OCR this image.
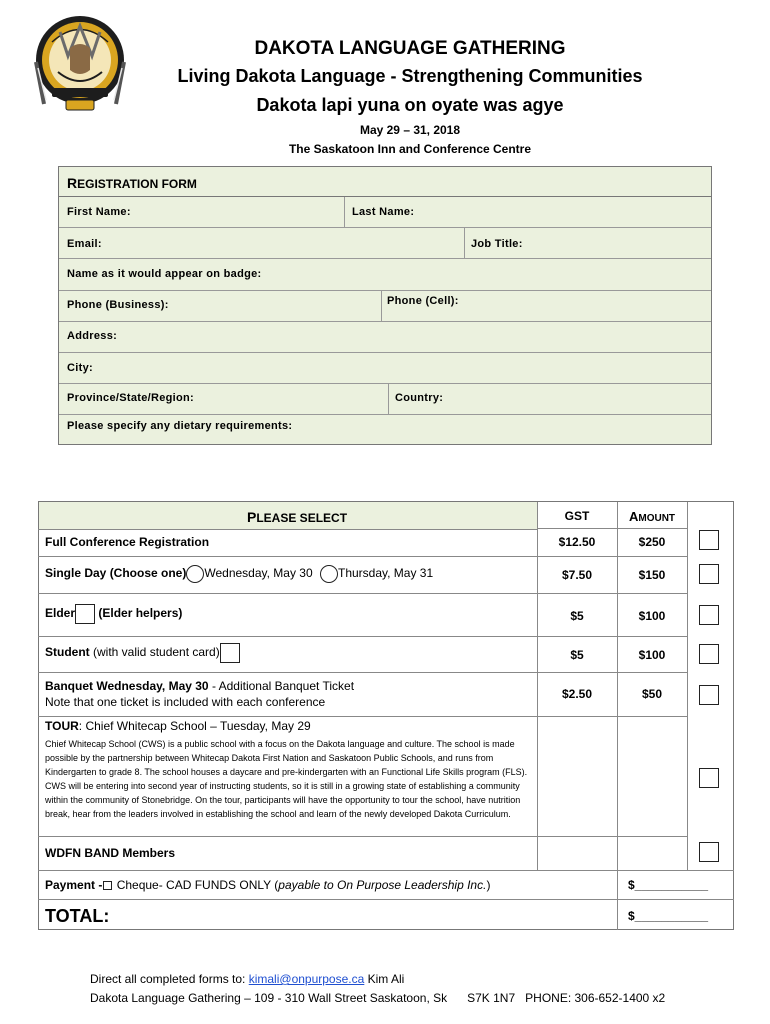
DAKOTA LANGUAGE GATHERING
Living Dakota Language - Strengthening Communities
Dakota lapi yuna on oyate was agye
May 29 – 31, 2018
The Saskatoon Inn and Conference Centre
REGISTRATION FORM
First Name:	Last Name:
Email:	Job Title:
Name as it would appear on badge:
Phone (Business):	Phone (Cell):
Address:
City:
Province/State/Region:	Country:
Please specify any dietary requirements:
PLEASE SELECT	GST	AMOUNT
Full Conference Registration	$12.50	$250
Single Day (Choose one) Wednesday, May 30 Thursday, May 31	$7.50	$150
Elder (Elder helpers)	$5	$100
Student (with valid student card)	$5	$100
Banquet Wednesday, May 30 - Additional Banquet Ticket
Note that one ticket is included with each conference
$2.50	$50
TOUR: Chief Whitecap School – Tuesday, May 29
Chief Whitecap School (CWS) is a public school with a focus on the Dakota language and culture. The school is made possible by the partnership between Whitecap Dakota First Nation and Saskatoon Public Schools, and runs from Kindergarten to grade 8. The school houses a daycare and pre-kindergarten with an Functional Life Skills program (FLS). CWS will be entering into second year of instructing students, so it is still in a growing state of establishing a community within the community of Stonebridge. On the tour, participants will have the opportunity to tour the school, have nutrition break, hear from the leaders involved in establishing the school and learn of the newly developed Dakota Curriculum.
WDFN BAND Members
Payment - Cheque- CAD FUNDS ONLY (payable to On Purpose Leadership Inc.)	$___________
TOTAL:	$___________
Direct all completed forms to: kimali@onpurpose.ca Kim Ali
Dakota Language Gathering – 109 - 310 Wall Street Saskatoon, Sk      S7K 1N7   PHONE: 306-652-1400 x2
